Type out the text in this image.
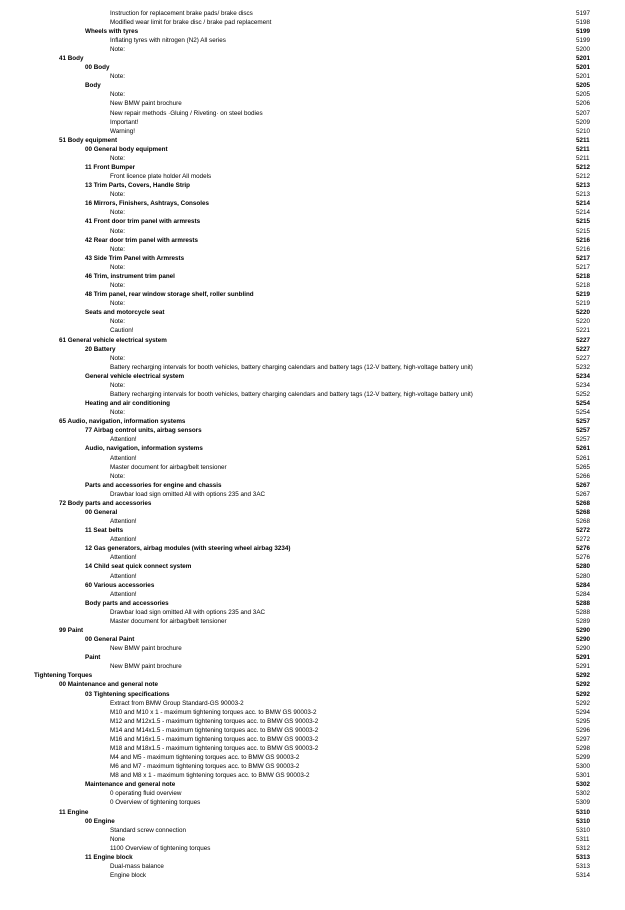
Instruction for replacement brake pads/ brake discs	5197
Modified wear limit for brake disc / brake pad replacement	5198
Wheels with tyres	5199
Inflating tyres with nitrogen (N2) All series	5199
Note:	5200
41 Body	5201
00 Body	5201
Note:	5201
Body	5205
Note:	5205
New BMW paint brochure	5206
New repair methods ·Gluing / Riveting· on steel bodies	5207
Important!	5209
Warning!	5210
51 Body equipment	5211
00 General body equipment	5211
Note:	5211
11 Front Bumper	5212
Front licence plate holder All models	5212
13 Trim Parts, Covers, Handle Strip	5213
Note:	5213
16 Mirrors, Finishers, Ashtrays, Consoles	5214
Note:	5214
41 Front door trim panel with armrests	5215
Note:	5215
42 Rear door trim panel with armrests	5216
Note:	5216
43 Side Trim Panel with Armrests	5217
Note:	5217
46 Trim, instrument trim panel	5218
Note:	5218
48 Trim panel, rear window storage shelf, roller sunblind	5219
Note:	5219
Seats and motorcycle seat	5220
Note:	5220
Caution!	5221
61 General vehicle electrical system	5227
20 Battery	5227
Note:	5227
Battery recharging intervals for booth vehicles, battery charging calendars and battery tags (12-V battery, high-voltage battery unit)	5232
General vehicle electrical system	5234
Note:	5234
Battery recharging intervals for booth vehicles, battery charging calendars and battery tags (12-V battery, high-voltage battery unit)	5252
Heating and air conditioning	5254
Note:	5254
65 Audio, navigation, information systems	5257
77 Airbag control units, airbag sensors	5257
Attention!	5257
Audio, navigation, information systems	5261
Attention!	5261
Master document for airbag/belt tensioner	5265
Note:	5266
Parts and accessories for engine and chassis	5267
Drawbar load sign omitted All with options 235 and 3AC	5267
72 Body parts and accessories	5268
00 General	5268
Attention!	5268
11 Seat belts	5272
Attention!	5272
12 Gas generators, airbag modules (with steering wheel airbag 3234)	5276
Attention!	5276
14 Child seat quick connect system	5280
Attention!	5280
60 Various accessories	5284
Attention!	5284
Body parts and accessories	5288
Drawbar load sign omitted All with options 235 and 3AC	5288
Master document for airbag/belt tensioner	5289
99 Paint	5290
00 General Paint	5290
New BMW paint brochure	5290
Paint	5291
New BMW paint brochure	5291
Tightening Torques	5292
00 Maintenance and general note	5292
03 Tightening specifications	5292
Extract from BMW Group Standard-GS 90003-2	5292
M10 and M10 x 1 - maximum tightening torques acc. to BMW GS 90003-2	5294
M12 and M12x1.5 - maximum tightening torques acc. to BMW GS 90003-2	5295
M14 and M14x1.5 - maximum tightening torques acc. to BMW GS 90003-2	5296
M16 and M16x1.5 - maximum tightening torques acc. to BMW GS 90003-2	5297
M18 and M18x1.5 - maximum tightening torques acc. to BMW GS 90003-2	5298
M4 and M5 - maximum tightening torques acc. to BMW GS 90003-2	5299
M6 and M7 - maximum tightening torques acc. to BMW GS 90003-2	5300
M8 and M8 x 1 - maximum tightening torques acc. to BMW GS 90003-2	5301
Maintenance and general note	5302
0 operating fluid overview	5302
0 Overview of tightening torques	5309
11 Engine	5310
00 Engine	5310
Standard screw connection	5310
None	5311
1100 Overview of tightening torques	5312
11 Engine block	5313
Dual-mass balance	5313
Engine block	5314
